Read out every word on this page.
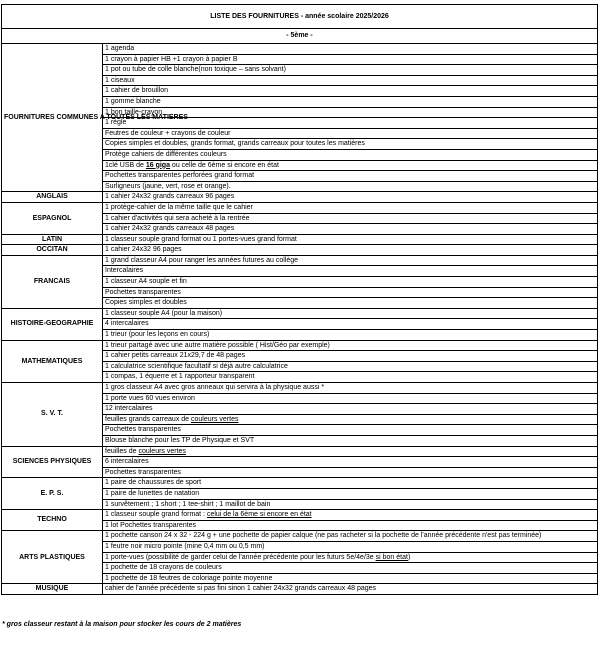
LISTE DES FOURNITURES - année scolaire 2025/2026	
- 5ème -	
FOURNITURES COMMUNES A TOUTES LES MATIERES	1 agenda
	1 crayon à papier HB +1 crayon à papier B
	1 pot ou tube de colle blanche(non toxique – sans solvant)
	1 ciseaux
	1 cahier de brouillon
	1 gomme blanche
	1 bon taille-crayon
	1 règle
	Feutres de couleur + crayons de couleur
	Copies simples et doubles, grands format, grands carreaux pour toutes les matières
	Protège cahiers de différentes couleurs
	1clé USB de 16 giga ou celle de 6ème si encore en état
	Pochettes transparentes perforées grand format
	Surligneurs (jaune, vert, rose et orange).
ANGLAIS	1 cahier 24x32 grands carreaux 96 pages
ESPAGNOL	1 protège-cahier de la même taille que le cahier
	1 cahier d'activités qui sera acheté à la rentrée
	1 cahier 24x32 grands carreaux 48 pages
LATIN	1 classeur souple grand format ou 1 portes-vues grand format
OCCITAN	1 cahier 24x32 96 pages
FRANCAIS	1 grand classeur A4 pour ranger les années futures au collège
	Intercalaires
	1 classeur A4 souple et fin
	Pochettes transparentes
	Copies simples et doubles
HISTOIRE-GEOGRAPHIE	1 classeur souple A4 (pour la maison)
	4 intercalaires
	1 trieur (pour les leçons en cours)
MATHEMATIQUES	1 trieur partagé avec une autre matière possible ( Hist/Géo par exemple)
	1 cahier petits carreaux 21x29,7 de 48 pages
	1 calculatrice scientifique facultatif si déjà autre calculatrice
	1 compas, 1 équerre et 1 rapporteur transparent
S. V. T.	1 gros classeur A4 avec gros anneaux qui servira à la physique aussi *
	1 porte vues 60 vues environ
	12 intercalaires
	feuilles grands carreaux de couleurs vertes
	Pochettes transparentes
	Blouse blanche pour les TP de Physique et SVT
SCIENCES PHYSIQUES	feuilles de couleurs vertes
	6 intercalaires
	Pochettes transparentes
E. P. S.	1 paire de chaussures de sport
	1 paire de lunettes de natation
	1 survêtement ; 1 short ; 1 tee-shirt ; 1 maillot de bain
TECHNO	1 classeur souple grand format : celui de la 6ème si encore en état
	1 lot Pochettes transparentes
ARTS PLASTIQUES	1 pochette canson 24 x 32 - 224 g + une pochette de papier calque (ne pas racheter si la pochette de l'année précédente n'est pas terminée)
	1 feutre noir micro pointe (mine 0,4 mm ou 0,5 mm)
	1 porte-vues (possibilité de garder celui de l'année précédente pour les futurs 5e/4e/3e si bon état)
	1 pochette de 18 crayons de couleurs
	1 pochette de 18 feutres de coloriage pointe moyenne
MUSIQUE	cahier de l'année précédente si pas fini sinon 1 cahier 24x32 grands carreaux 48 pages
* gros classeur restant à la maison pour stocker les cours de 2 matières
